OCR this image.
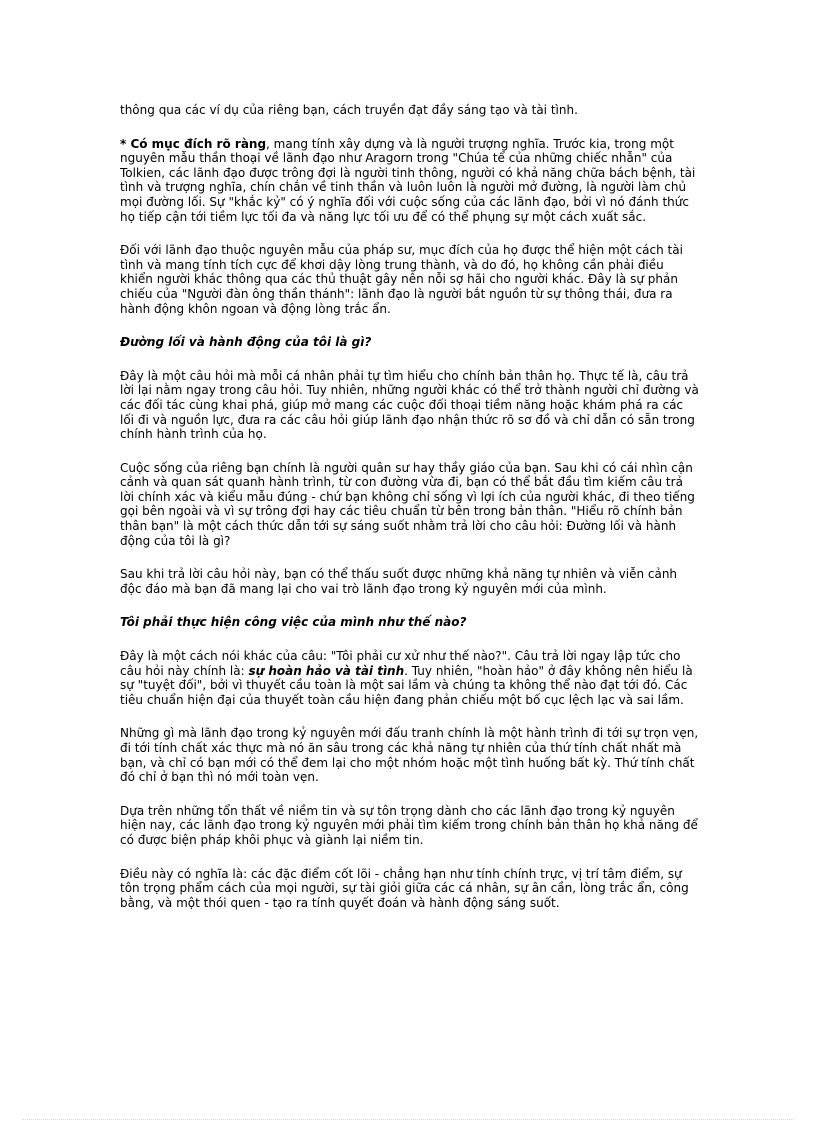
thông qua các ví dụ của riêng bạn, cách truyền đạt đầy sáng tạo và tài tình.

* Có mục đích rõ ràng, mang tính xây dựng và là người trượng nghĩa. Trước kia, trong một nguyên mẫu thần thoại về lãnh đạo như Aragorn trong "Chúa tể của những chiếc nhẫn" của Tolkien, các lãnh đạo được trông đợi là người tinh thông, người có khả năng chữa bách bệnh, tài tình và trượng nghĩa, chín chắn về tinh thần và luôn luôn là người mở đường, là người làm chủ mọi đường lối. Sự "khắc kỷ" có ý nghĩa đối với cuộc sống của các lãnh đạo, bởi vì nó đánh thức họ tiếp cận tới tiềm lực tối đa và năng lực tối ưu để có thể phụng sự một cách xuất sắc.

Đối với lãnh đạo thuộc nguyên mẫu của pháp sư, mục đích của họ được thể hiện một cách tài tình và mang tính tích cực để khơi dậy lòng trung thành, và do đó, họ không cần phải điều khiển người khác thông qua các thủ thuật gây nên nỗi sợ hãi cho người khác. Đây là sự phản chiếu của "Người đàn ông thần thánh": lãnh đạo là người bắt nguồn từ sự thông thái, đưa ra hành động khôn ngoan và động lòng trắc ẩn.

Đường lối và hành động của tôi là gì?

Đây là một câu hỏi mà mỗi cá nhân phải tự tìm hiểu cho chính bản thân họ. Thực tế là, câu trả lời lại nằm ngay trong câu hỏi. Tuy nhiên, những người khác có thể trở thành người chỉ đường và các đối tác cùng khai phá, giúp mở mang các cuộc đối thoại tiềm năng hoặc khám phá ra các lối đi và nguồn lực, đưa ra các câu hỏi giúp lãnh đạo nhận thức rõ sơ đồ và chỉ dẫn có sẵn trong chính hành trình của họ.

Cuộc sống của riêng bạn chính là người quân sư hay thầy giáo của bạn. Sau khi có cái nhìn cận cảnh và quan sát quanh hành trình, từ con đường vừa đi, bạn có thể bắt đầu tìm kiếm câu trả lời chính xác và kiểu mẫu đúng - chứ bạn không chỉ sống vì lợi ích của người khác, đi theo tiếng gọi bên ngoài và vì sự trông đợi hay các tiêu chuẩn từ bên trong bản thân. "Hiểu rõ chính bản thân bạn" là một cách thức dẫn tới sự sáng suốt nhằm trả lời cho câu hỏi: Đường lối và hành động của tôi là gì?

Sau khi trả lời câu hỏi này, bạn có thể thấu suốt được những khả năng tự nhiên và viễn cảnh độc đáo mà bạn đã mang lại cho vai trò lãnh đạo trong kỷ nguyên mới của mình.

Tôi phải thực hiện công việc của mình như thế nào?

Đây là một cách nói khác của câu: "Tôi phải cư xử như thế nào?". Câu trả lời ngay lập tức cho câu hỏi này chính là: sự hoàn hảo và tài tình. Tuy nhiên, "hoàn hảo" ở đây không nên hiểu là sự "tuyệt đối", bởi vì thuyết cầu toàn là một sai lầm và chúng ta không thể nào đạt tới đó. Các tiêu chuẩn hiện đại của thuyết toàn cầu hiện đang phản chiếu một bố cục lệch lạc và sai lầm.

Những gì mà lãnh đạo trong kỷ nguyên mới đấu tranh chính là một hành trình đi tới sự trọn vẹn, đi tới tính chất xác thực mà nó ăn sâu trong các khả năng tự nhiên của thứ tính chất nhất mà bạn, và chỉ có bạn mới có thể đem lại cho một nhóm hoặc một tình huống bất kỳ. Thứ tính chất đó chỉ ở bạn thì nó mới toàn vẹn.

Dựa trên những tổn thất về niềm tin và sự tôn trọng dành cho các lãnh đạo trong kỷ nguyên hiện nay, các lãnh đạo trong kỷ nguyên mới phải tìm kiếm trong chính bản thân họ khả năng để có được biện pháp khôi phục và giành lại niềm tin.

Điều này có nghĩa là: các đặc điểm cốt lõi - chẳng hạn như tính chính trực, vị trí tâm điểm, sự tôn trọng phẩm cách của mọi người, sự tài giỏi giữa các cá nhân, sự ân cần, lòng trắc ẩn, công bằng, và một thói quen - tạo ra tính quyết đoán và hành động sáng suốt.
